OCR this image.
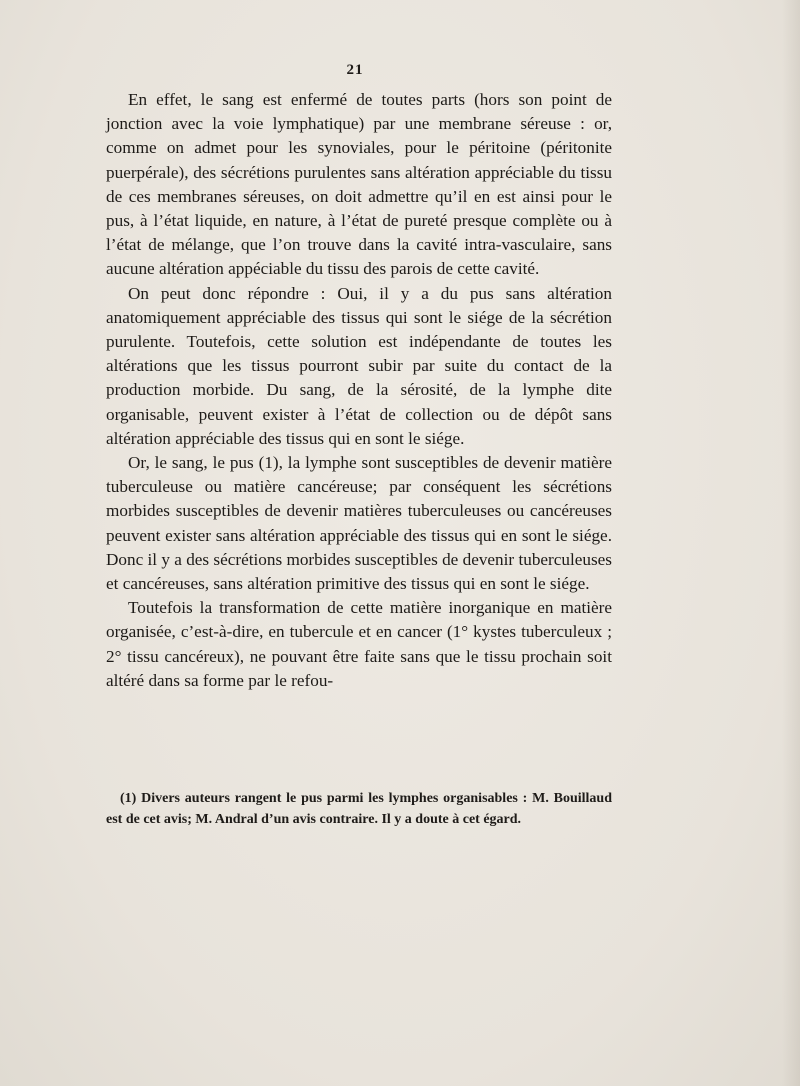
21

En effet, le sang est enfermé de toutes parts (hors son point de jonction avec la voie lymphatique) par une membrane séreuse : or, comme on admet pour les synoviales, pour le péritoine (péritonite puerpérale), des sécrétions purulentes sans altération appréciable du tissu de ces membranes séreuses, on doit admettre qu’il en est ainsi pour le pus, à l’état liquide, en nature, à l’état de pureté presque complète ou à l’état de mélange, que l’on trouve dans la cavité intra-vasculaire, sans aucune altération appéciable du tissu des parois de cette cavité.

On peut donc répondre : Oui, il y a du pus sans altération anatomiquement appréciable des tissus qui sont le siége de la sécrétion purulente. Toutefois, cette solution est indépendante de toutes les altérations que les tissus pourront subir par suite du contact de la production morbide. Du sang, de la sérosité, de la lymphe dite organisable, peuvent exister à l’état de collection ou de dépôt sans altération appréciable des tissus qui en sont le siége.

Or, le sang, le pus (1), la lymphe sont susceptibles de devenir matière tuberculeuse ou matière cancéreuse; par conséquent les sécrétions morbides susceptibles de devenir matières tuberculeuses ou cancéreuses peuvent exister sans altération appréciable des tissus qui en sont le siége. Donc il y a des sécrétions morbides susceptibles de devenir tuberculeuses et cancéreuses, sans altération primitive des tissus qui en sont le siége.

Toutefois la transformation de cette matière inorganique en matière organisée, c’est-à-dire, en tubercule et en cancer (1° kystes tuberculeux ; 2° tissu cancéreux), ne pouvant être faite sans que le tissu prochain soit altéré dans sa forme par le refou-

(1) Divers auteurs rangent le pus parmi les lymphes organisables : M. Bouillaud est de cet avis; M. Andral d’un avis contraire. Il y a doute à cet égard.
